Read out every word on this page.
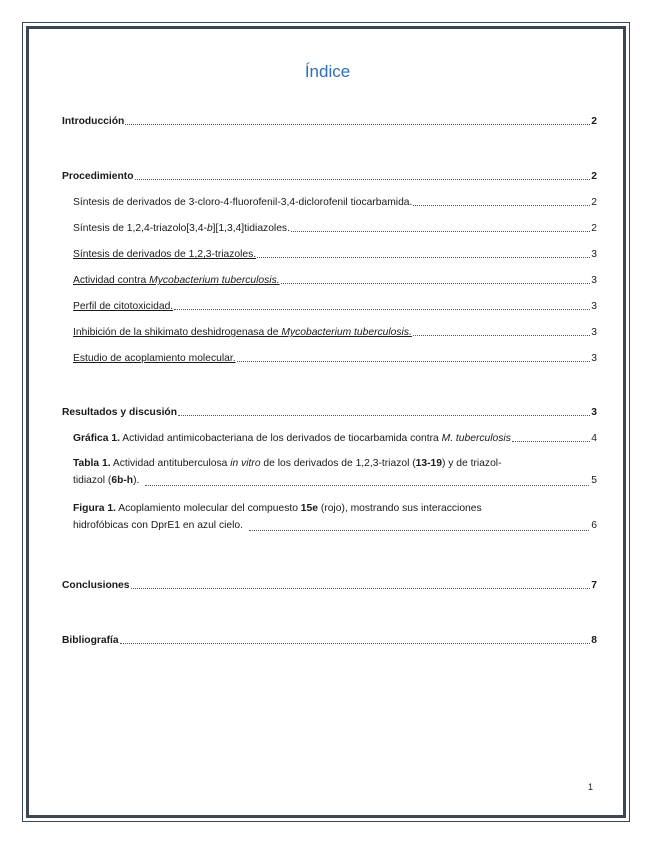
Índice
Introducción	2
Procedimiento	2
Síntesis de derivados de 3-cloro-4-fluorofenil-3,4-diclorofenil tiocarbamida.	2
Síntesis de 1,2,4-triazolo[3,4-b][1,3,4]tidiazoles.	2
Síntesis de derivados de 1,2,3-triazoles.	3
Actividad contra Mycobacterium tuberculosis.	3
Perfil de citotoxicidad.	3
Inhibición de la shikimato deshidrogenasa de Mycobacterium tuberculosis.	3
Estudio de acoplamiento molecular.	3
Resultados y discusión	3
Gráfica 1. Actividad antimicobacteriana de los derivados de tiocarbamida contra M. tuberculosis	4
Tabla 1. Actividad antituberculosa in vitro de los derivados de 1,2,3-triazol (13-19) y de triazol-
tidiazol ( 6b-h ).	5
Figura 1. Acoplamiento molecular del compuesto 15e (rojo), mostrando sus interacciones
hidrofóbicas con DprE1 en azul cielo.	6
Conclusiones	7
Bibliografía	8
1
